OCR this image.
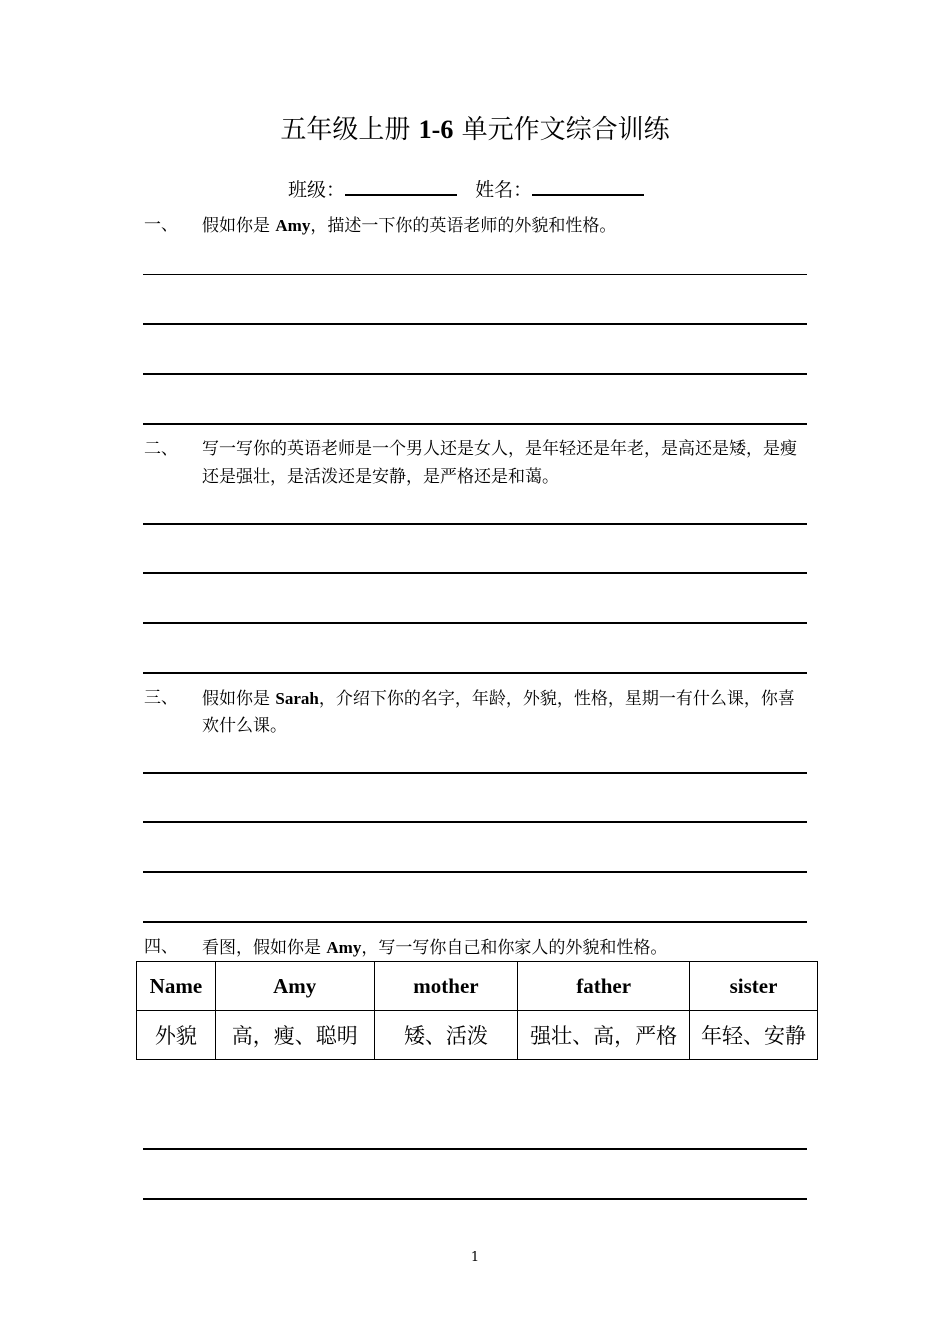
五年级上册 1-6 单元作文综合训练
班级：	姓名：
一、 假如你是 Amy，描述一下你的英语老师的外貌和性格。
二、 写一写你的英语老师是一个男人还是女人，是年轻还是年老，是高还是矮，是瘦还是强壮，是活泼还是安静，是严格还是和蔼。
三、 假如你是 Sarah，介绍下你的名字，年龄，外貌，性格，星期一有什么课，你喜欢什么课。
四、 看图，假如你是 Amy，写一写你自己和你家人的外貌和性格。
Name	Amy	mother	father	sister
外貌	高，瘦、聪明	矮、活泼	强壮、高，严格	年轻、安静
1
